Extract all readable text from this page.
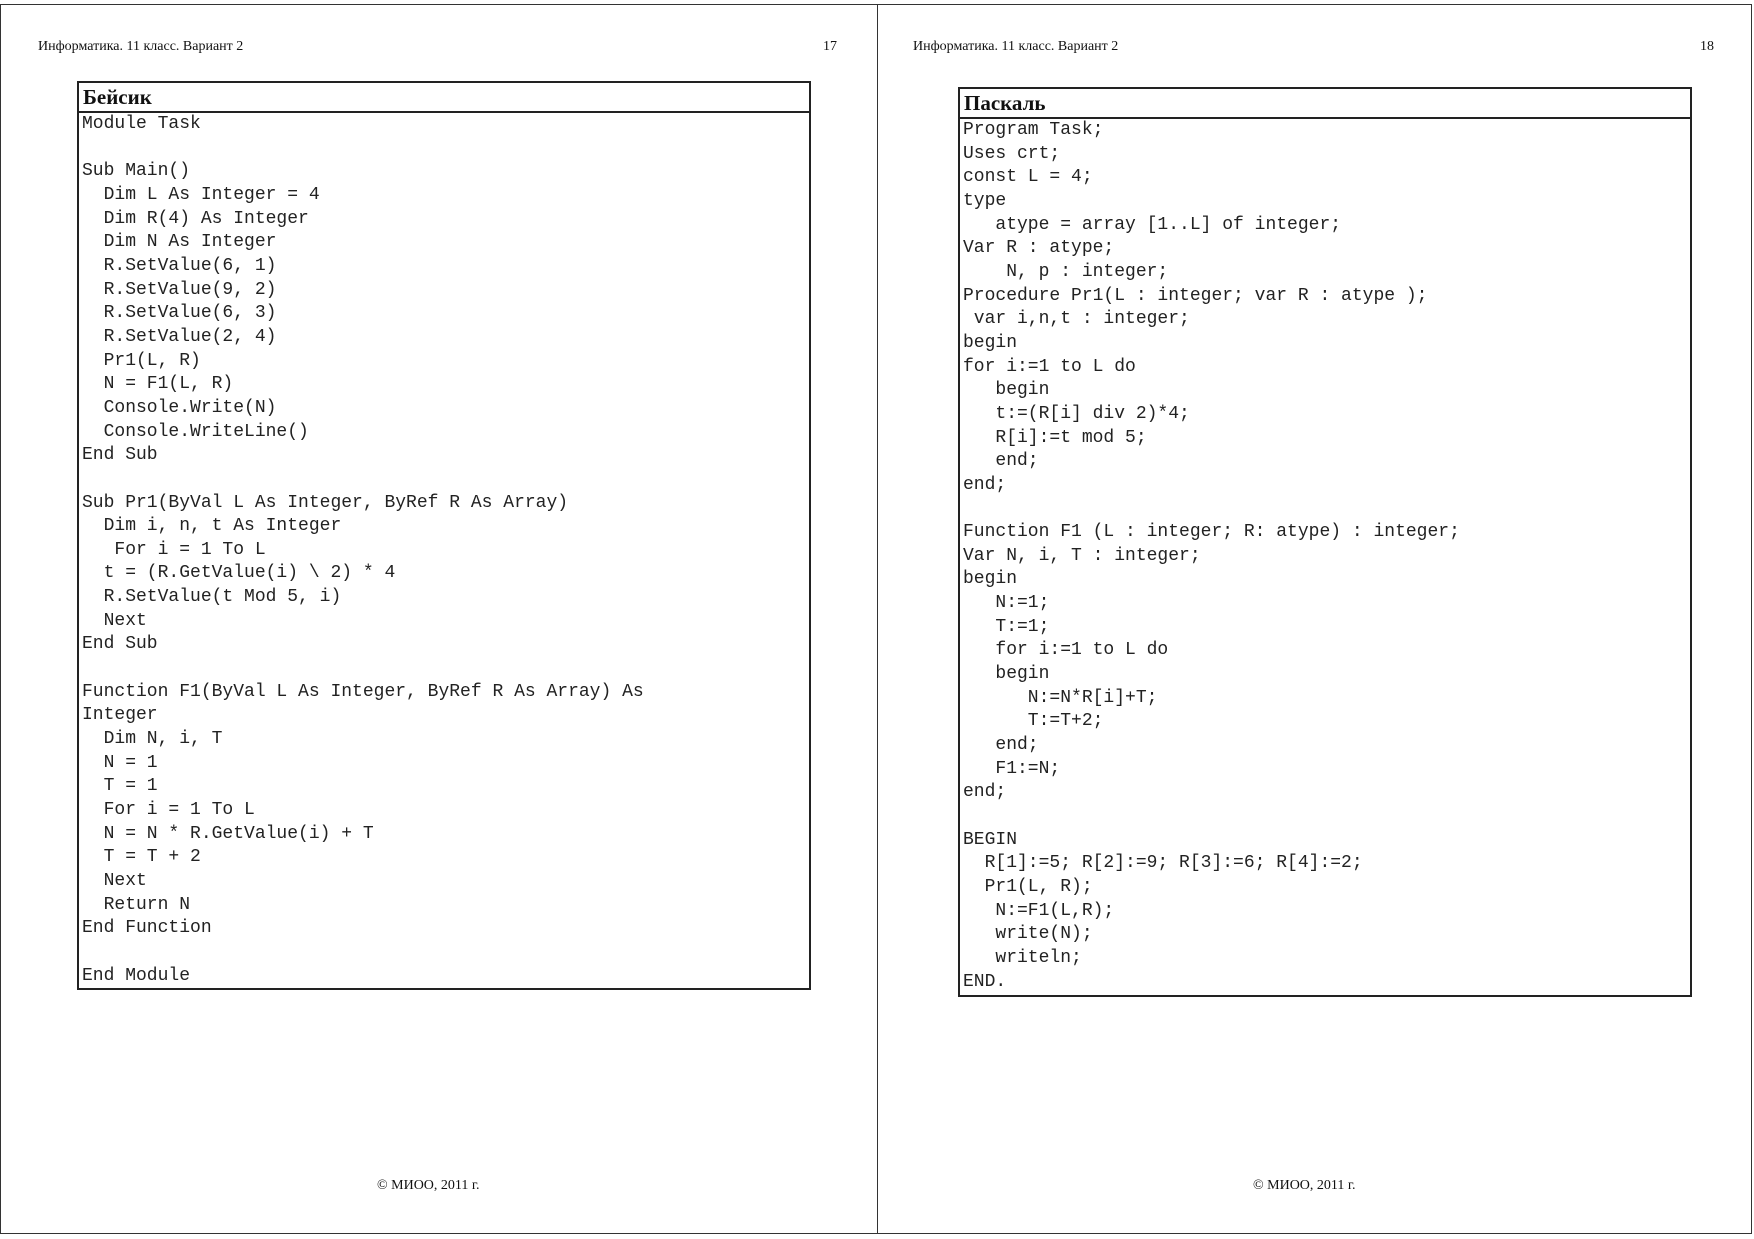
Информатика. 11 класс. Вариант 2	17
Бейсик
Module Task

Sub Main()
Dim L As Integer = 4
Dim R(4) As Integer
Dim N As Integer
R.SetValue(6, 1)
R.SetValue(9, 2)
R.SetValue(6, 3)
R.SetValue(2, 4)
Pr1(L, R)
N = F1(L, R)
Console.Write(N)
Console.WriteLine()
End Sub

Sub Pr1(ByVal L As Integer, ByRef R As Array)
Dim i, n, t As Integer
For i = 1 To L
t = (R.GetValue(i) \ 2) * 4
R.SetValue(t Mod 5, i)
Next
End Sub

Function F1(ByVal L As Integer, ByRef R As Array) As
Integer
Dim N, i, T
N = 1
T = 1
For i = 1 To L
N = N * R.GetValue(i) + T
T = T + 2
Next
Return N
End Function

End Module
© МИОО, 2011 г.
Информатика. 11 класс. Вариант 2	18
Паскаль
Program Task;
Uses crt;
const L = 4;
type
atype = array [1..L] of integer;
Var R : atype;
N, p : integer;
Procedure Pr1(L : integer; var R : atype );
var i,n,t : integer;
begin
for i:=1 to L do
begin
t:=(R[i] div 2)*4;
R[i]:=t mod 5;
end;
end;

Function F1 (L : integer; R: atype) : integer;
Var N, i, T : integer;
begin
N:=1;
T:=1;
for i:=1 to L do
begin
N:=N*R[i]+T;
T:=T+2;
end;
F1:=N;
end;

BEGIN
R[1]:=5; R[2]:=9; R[3]:=6; R[4]:=2;
Pr1(L, R);
N:=F1(L,R);
write(N);
writeln;
END.
© МИОО, 2011 г.
